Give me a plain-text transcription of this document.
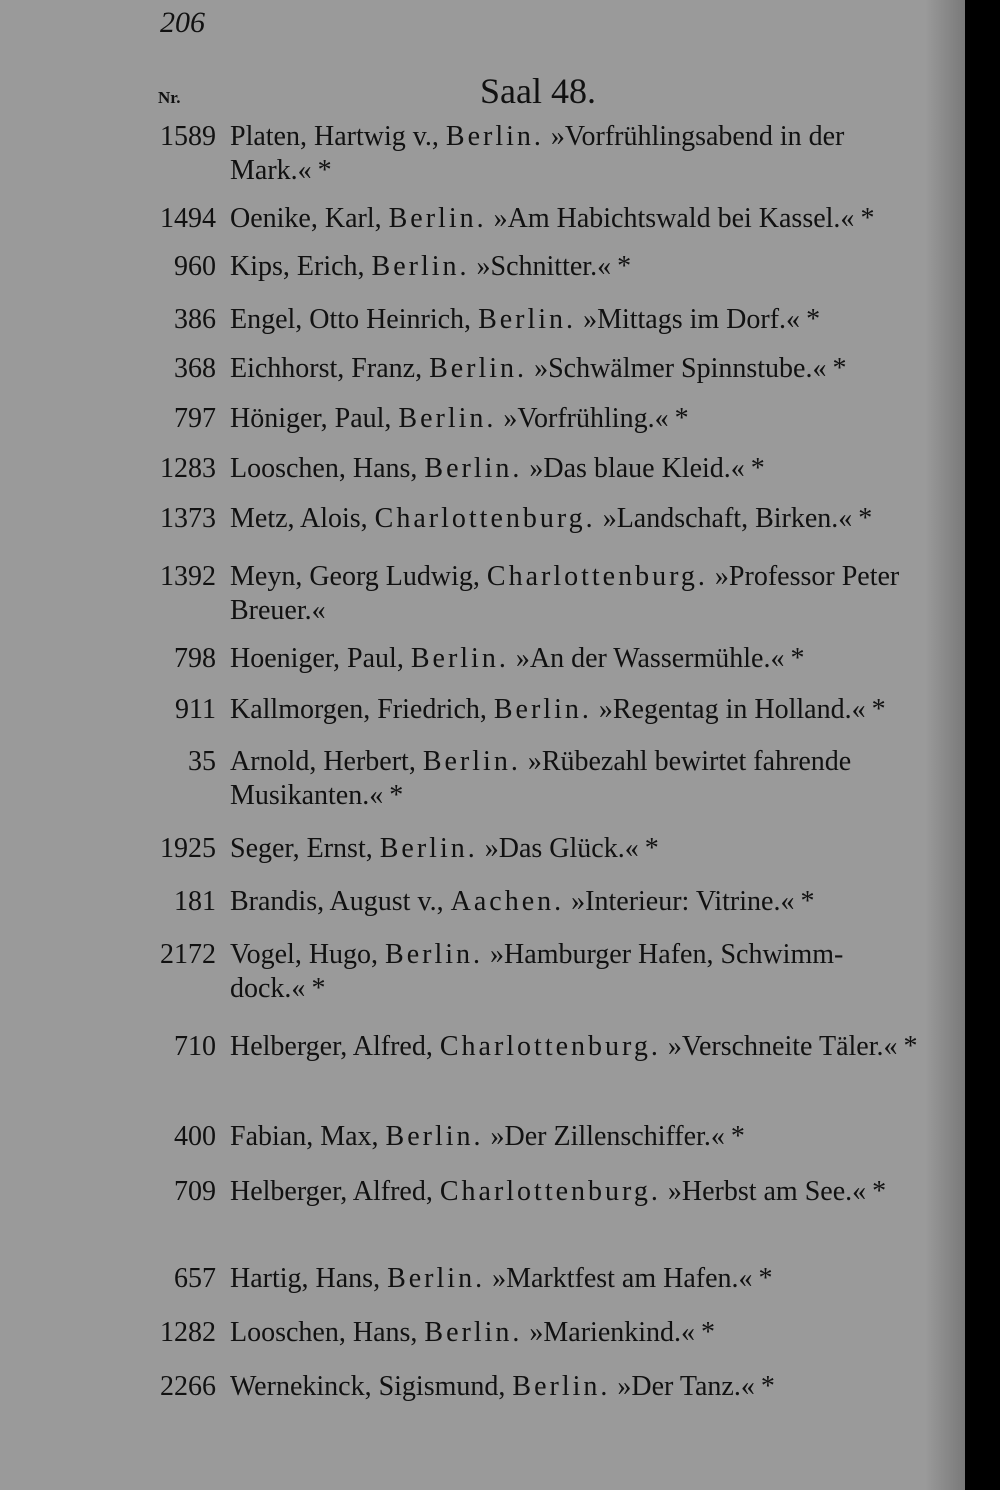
206
Nr.	Saal 48.
1589 Platen, Hartwig v., Berlin. »Vorfrühlingsabend in der Mark.« *
1494 Oenike, Karl, Berlin. »Am Habichtswald bei Kassel.« *
960 Kips, Erich, Berlin. »Schnitter.« *
386 Engel, Otto Heinrich, Berlin. »Mittags im Dorf.« *
368 Eichhorst, Franz, Berlin. »Schwälmer Spinnstube.« *
797 Höniger, Paul, Berlin. »Vorfrühling.« *
1283 Looschen, Hans, Berlin. »Das blaue Kleid.« *
1373 Metz, Alois, Charlottenburg. »Landschaft, Birken.« *
1392 Meyn, Georg Ludwig, Charlottenburg. »Professor Peter Breuer.«
798 Hoeniger, Paul, Berlin. »An der Wassermühle.« *
911 Kallmorgen, Friedrich, Berlin. »Regentag in Holland.« *
35 Arnold, Herbert, Berlin. »Rübezahl bewirtet fahrende Musikanten.« *
1925 Seger, Ernst, Berlin. »Das Glück.« *
181 Brandis, August v., Aachen. »Interieur: Vitrine.« *
2172 Vogel, Hugo, Berlin. »Hamburger Hafen, Schwimm-dock.« *
710 Helberger, Alfred, Charlottenburg. »Verschneite Täler.« *
400 Fabian, Max, Berlin. »Der Zillenschiffer.« *
709 Helberger, Alfred, Charlottenburg. »Herbst am See.« *
657 Hartig, Hans, Berlin. »Marktfest am Hafen.« *
1282 Looschen, Hans, Berlin. »Marienkind.« *
2266 Wernekinck, Sigismund, Berlin. »Der Tanz.« *
